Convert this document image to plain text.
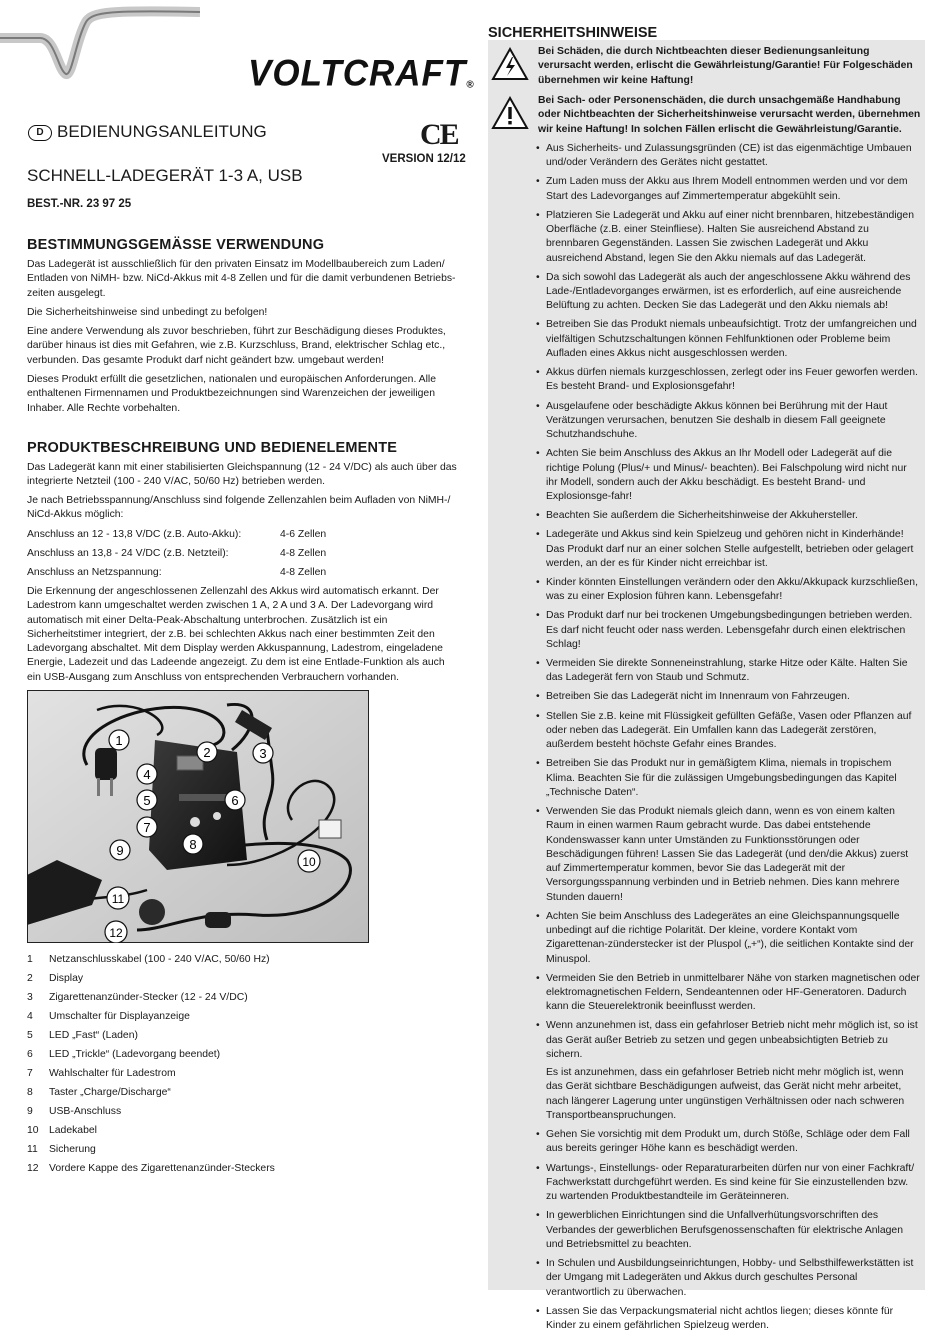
VOLTCRAFT®
D BEDIENUNGSANLEITUNG	CE
VERSION 12/12
SCHNELL-LADEGERÄT 1-3 A, USB
BEST.-NR. 23 97 25
BESTIMMUNGSGEMÄSSE VERWENDUNG

Das Ladegerät ist ausschließlich für den privaten Einsatz im Modellbaubereich zum Laden/ Entladen von NiMH- bzw. NiCd-Akkus mit 4-8 Zellen und für die damit verbundenen Betriebs-zeiten ausgelegt.

Die Sicherheitshinweise sind unbedingt zu befolgen!

Eine andere Verwendung als zuvor beschrieben, führt zur Beschädigung dieses Produktes, darüber hinaus ist dies mit Gefahren, wie z.B. Kurzschluss, Brand, elektrischer Schlag etc., verbunden. Das gesamte Produkt darf nicht geändert bzw. umgebaut werden!

Dieses Produkt erfüllt die gesetzlichen, nationalen und europäischen Anforderungen. Alle enthaltenen Firmennamen und Produktbezeichnungen sind Warenzeichen der jeweiligen Inhaber. Alle Rechte vorbehalten.

PRODUKTBESCHREIBUNG UND BEDIENELEMENTE

Das Ladegerät kann mit einer stabilisierten Gleichspannung (12 - 24 V/DC) als auch über das integrierte Netzteil (100 - 240 V/AC, 50/60 Hz) betrieben werden.

Je nach Betriebsspannung/Anschluss sind folgende Zellenzahlen beim Aufladen von NiMH-/ NiCd-Akkus möglich:

Anschluss an 12 - 13,8 V/DC (z.B. Auto-Akku):	4-6 Zellen
Anschluss an 13,8 - 24 V/DC (z.B. Netzteil):	4-8 Zellen
Anschluss an Netzspannung:	4-8 Zellen

Die Erkennung der angeschlossenen Zellenzahl des Akkus wird automatisch erkannt. Der Ladestrom kann umgeschaltet werden zwischen 1 A, 2 A und 3 A. Der Ladevorgang wird automatisch mit einer Delta-Peak-Abschaltung unterbrochen. Zusätzlich ist ein Sicherheitstimer integriert, der z.B. bei schlechten Akkus nach einer bestimmten Zeit den Ladevorgang abschaltet. Mit dem Display werden Akkuspannung, Ladestrom, eingeladene Energie, Ladezeit und das Ladeende angezeigt. Zu dem ist eine Entlade-Funktion als auch ein USB-Ausgang zum Anschluss von entsprechenden Verbrauchern vorhanden.

1
2	3
4
5	6
7
8
9
10
11
12
1 Netzanschlusskabel (100 - 240 V/AC, 50/60 Hz)
2 Display
3 Zigarettenanzünder-Stecker (12 - 24 V/DC)
4 Umschalter für Displayanzeige
5 LED „Fast“ (Laden)
6 LED „Trickle“ (Ladevorgang beendet)
7 Wahlschalter für Ladestrom
8 Taster „Charge/Discharge“
9 USB-Anschluss
10 Ladekabel
11 Sicherung
12 Vordere Kappe des Zigarettenanzünder-Steckers
SICHERHEITSHINWEISE
Bei Schäden, die durch Nichtbeachten dieser Bedienungsanleitung verursacht werden, erlischt die Gewährleistung/Garantie! Für Folgeschäden übernehmen wir keine Haftung!
Bei Sach- oder Personenschäden, die durch unsachgemäße Handhabung oder Nichtbeachten der Sicherheitshinweise verursacht werden, übernehmen wir keine Haftung! In solchen Fällen erlischt die Gewährleistung/Garantie.
• Aus Sicherheits- und Zulassungsgründen (CE) ist das eigenmächtige Umbauen und/oder Verändern des Gerätes nicht gestattet.
• Zum Laden muss der Akku aus Ihrem Modell entnommen werden und vor dem Start des Ladevorganges auf Zimmertemperatur abgekühlt sein.
• Platzieren Sie Ladegerät und Akku auf einer nicht brennbaren, hitzebeständigen Oberfläche (z.B. einer Steinfliese). Halten Sie ausreichend Abstand zu brennbaren Gegenständen. Lassen Sie zwischen Ladegerät und Akku ausreichend Abstand, legen Sie den Akku niemals auf das Ladegerät.
• Da sich sowohl das Ladegerät als auch der angeschlossene Akku während des Lade-/Entladevorganges erwärmen, ist es erforderlich, auf eine ausreichende Belüftung zu achten. Decken Sie das Ladegerät und den Akku niemals ab!
• Betreiben Sie das Produkt niemals unbeaufsichtigt. Trotz der umfangreichen und vielfältigen Schutzschaltungen können Fehlfunktionen oder Probleme beim Aufladen eines Akkus nicht ausgeschlossen werden.
• Akkus dürfen niemals kurzgeschlossen, zerlegt oder ins Feuer geworfen werden. Es besteht Brand- und Explosionsgefahr!
• Ausgelaufene oder beschädigte Akkus können bei Berührung mit der Haut Verätzungen verursachen, benutzen Sie deshalb in diesem Fall geeignete Schutzhandschuhe.
• Achten Sie beim Anschluss des Akkus an Ihr Modell oder Ladegerät auf die richtige Polung (Plus/+ und Minus/- beachten). Bei Falschpolung wird nicht nur ihr Modell, sondern auch der Akku beschädigt. Es besteht Brand- und Explosionsge-fahr!
• Beachten Sie außerdem die Sicherheitshinweise der Akkuhersteller.
• Ladegeräte und Akkus sind kein Spielzeug und gehören nicht in Kinderhände! Das Produkt darf nur an einer solchen Stelle aufgestellt, betrieben oder gelagert werden, an der es für Kinder nicht erreichbar ist.
• Kinder könnten Einstellungen verändern oder den Akku/Akkupack kurzschließen, was zu einer Explosion führen kann. Lebensgefahr!
• Das Produkt darf nur bei trockenen Umgebungsbedingungen betrieben werden. Es darf nicht feucht oder nass werden. Lebensgefahr durch einen elektrischen Schlag!
• Vermeiden Sie direkte Sonneneinstrahlung, starke Hitze oder Kälte. Halten Sie das Ladegerät fern von Staub und Schmutz.
• Betreiben Sie das Ladegerät nicht im Innenraum von Fahrzeugen.
• Stellen Sie z.B. keine mit Flüssigkeit gefüllten Gefäße, Vasen oder Pflanzen auf oder neben das Ladegerät. Ein Umfallen kann das Ladegerät zerstören, außerdem besteht höchste Gefahr eines Brandes.
• Betreiben Sie das Produkt nur in gemäßigtem Klima, niemals in tropischem Klima. Beachten Sie für die zulässigen Umgebungsbedingungen das Kapitel „Technische Daten“.
• Verwenden Sie das Produkt niemals gleich dann, wenn es von einem kalten Raum in einen warmen Raum gebracht wurde. Das dabei entstehende Kondenswasser kann unter Umständen zu Funktionsstörungen oder Beschädigungen führen! Lassen Sie das Ladegerät (und den/die Akkus) zuerst auf Zimmertemperatur kommen, bevor Sie das Ladegerät mit der Versorgungsspannung verbinden und in Betrieb nehmen. Dies kann mehrere Stunden dauern!
• Achten Sie beim Anschluss des Ladegerätes an eine Gleichspannungsquelle unbedingt auf die richtige Polarität. Der kleine, vordere Kontakt vom Zigarettenan-zünderstecker ist der Pluspol („+“), die seitlichen Kontakte sind der Minuspol.
• Vermeiden Sie den Betrieb in unmittelbarer Nähe von starken magnetischen oder elektromagnetischen Feldern, Sendeantennen oder HF-Generatoren. Dadurch kann die Steuerelektronik beeinflusst werden.
• Wenn anzunehmen ist, dass ein gefahrloser Betrieb nicht mehr möglich ist, so ist das Gerät außer Betrieb zu setzen und gegen unbeabsichtigten Betrieb zu sichern.
Es ist anzunehmen, dass ein gefahrloser Betrieb nicht mehr möglich ist, wenn das Gerät sichtbare Beschädigungen aufweist, das Gerät nicht mehr arbeitet, nach längerer Lagerung unter ungünstigen Verhältnissen oder nach schweren Transportbeanspruchungen.
• Gehen Sie vorsichtig mit dem Produkt um, durch Stöße, Schläge oder dem Fall aus bereits geringer Höhe kann es beschädigt werden.
• Wartungs-, Einstellungs- oder Reparaturarbeiten dürfen nur von einer Fachkraft/ Fachwerkstatt durchgeführt werden. Es sind keine für Sie einzustellenden bzw. zu wartenden Produktbestandteile im Geräteinneren.
• In gewerblichen Einrichtungen sind die Unfallverhütungsvorschriften des Verbandes der gewerblichen Berufsgenossenschaften für elektrische Anlagen und Betriebsmittel zu beachten.
• In Schulen und Ausbildungseinrichtungen, Hobby- und Selbsthilfewerkstätten ist der Umgang mit Ladegeräten und Akkus durch geschultes Personal verantwortlich zu überwachen.
• Lassen Sie das Verpackungsmaterial nicht achtlos liegen; dieses könnte für Kinder zu einem gefährlichen Spielzeug werden.
